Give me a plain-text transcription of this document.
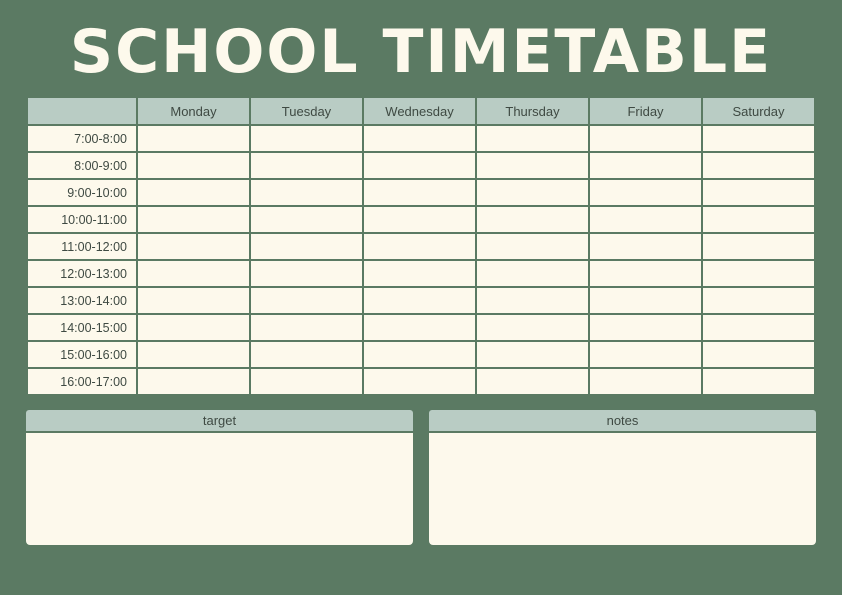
SCHOOL TIMETABLE
	Monday	Tuesday	Wednesday	Thursday	Friday	Saturday
7:00-8:00						
8:00-9:00						
9:00-10:00						
10:00-11:00						
11:00-12:00						
12:00-13:00						
13:00-14:00						
14:00-15:00						
15:00-16:00						
16:00-17:00						
target	notes
